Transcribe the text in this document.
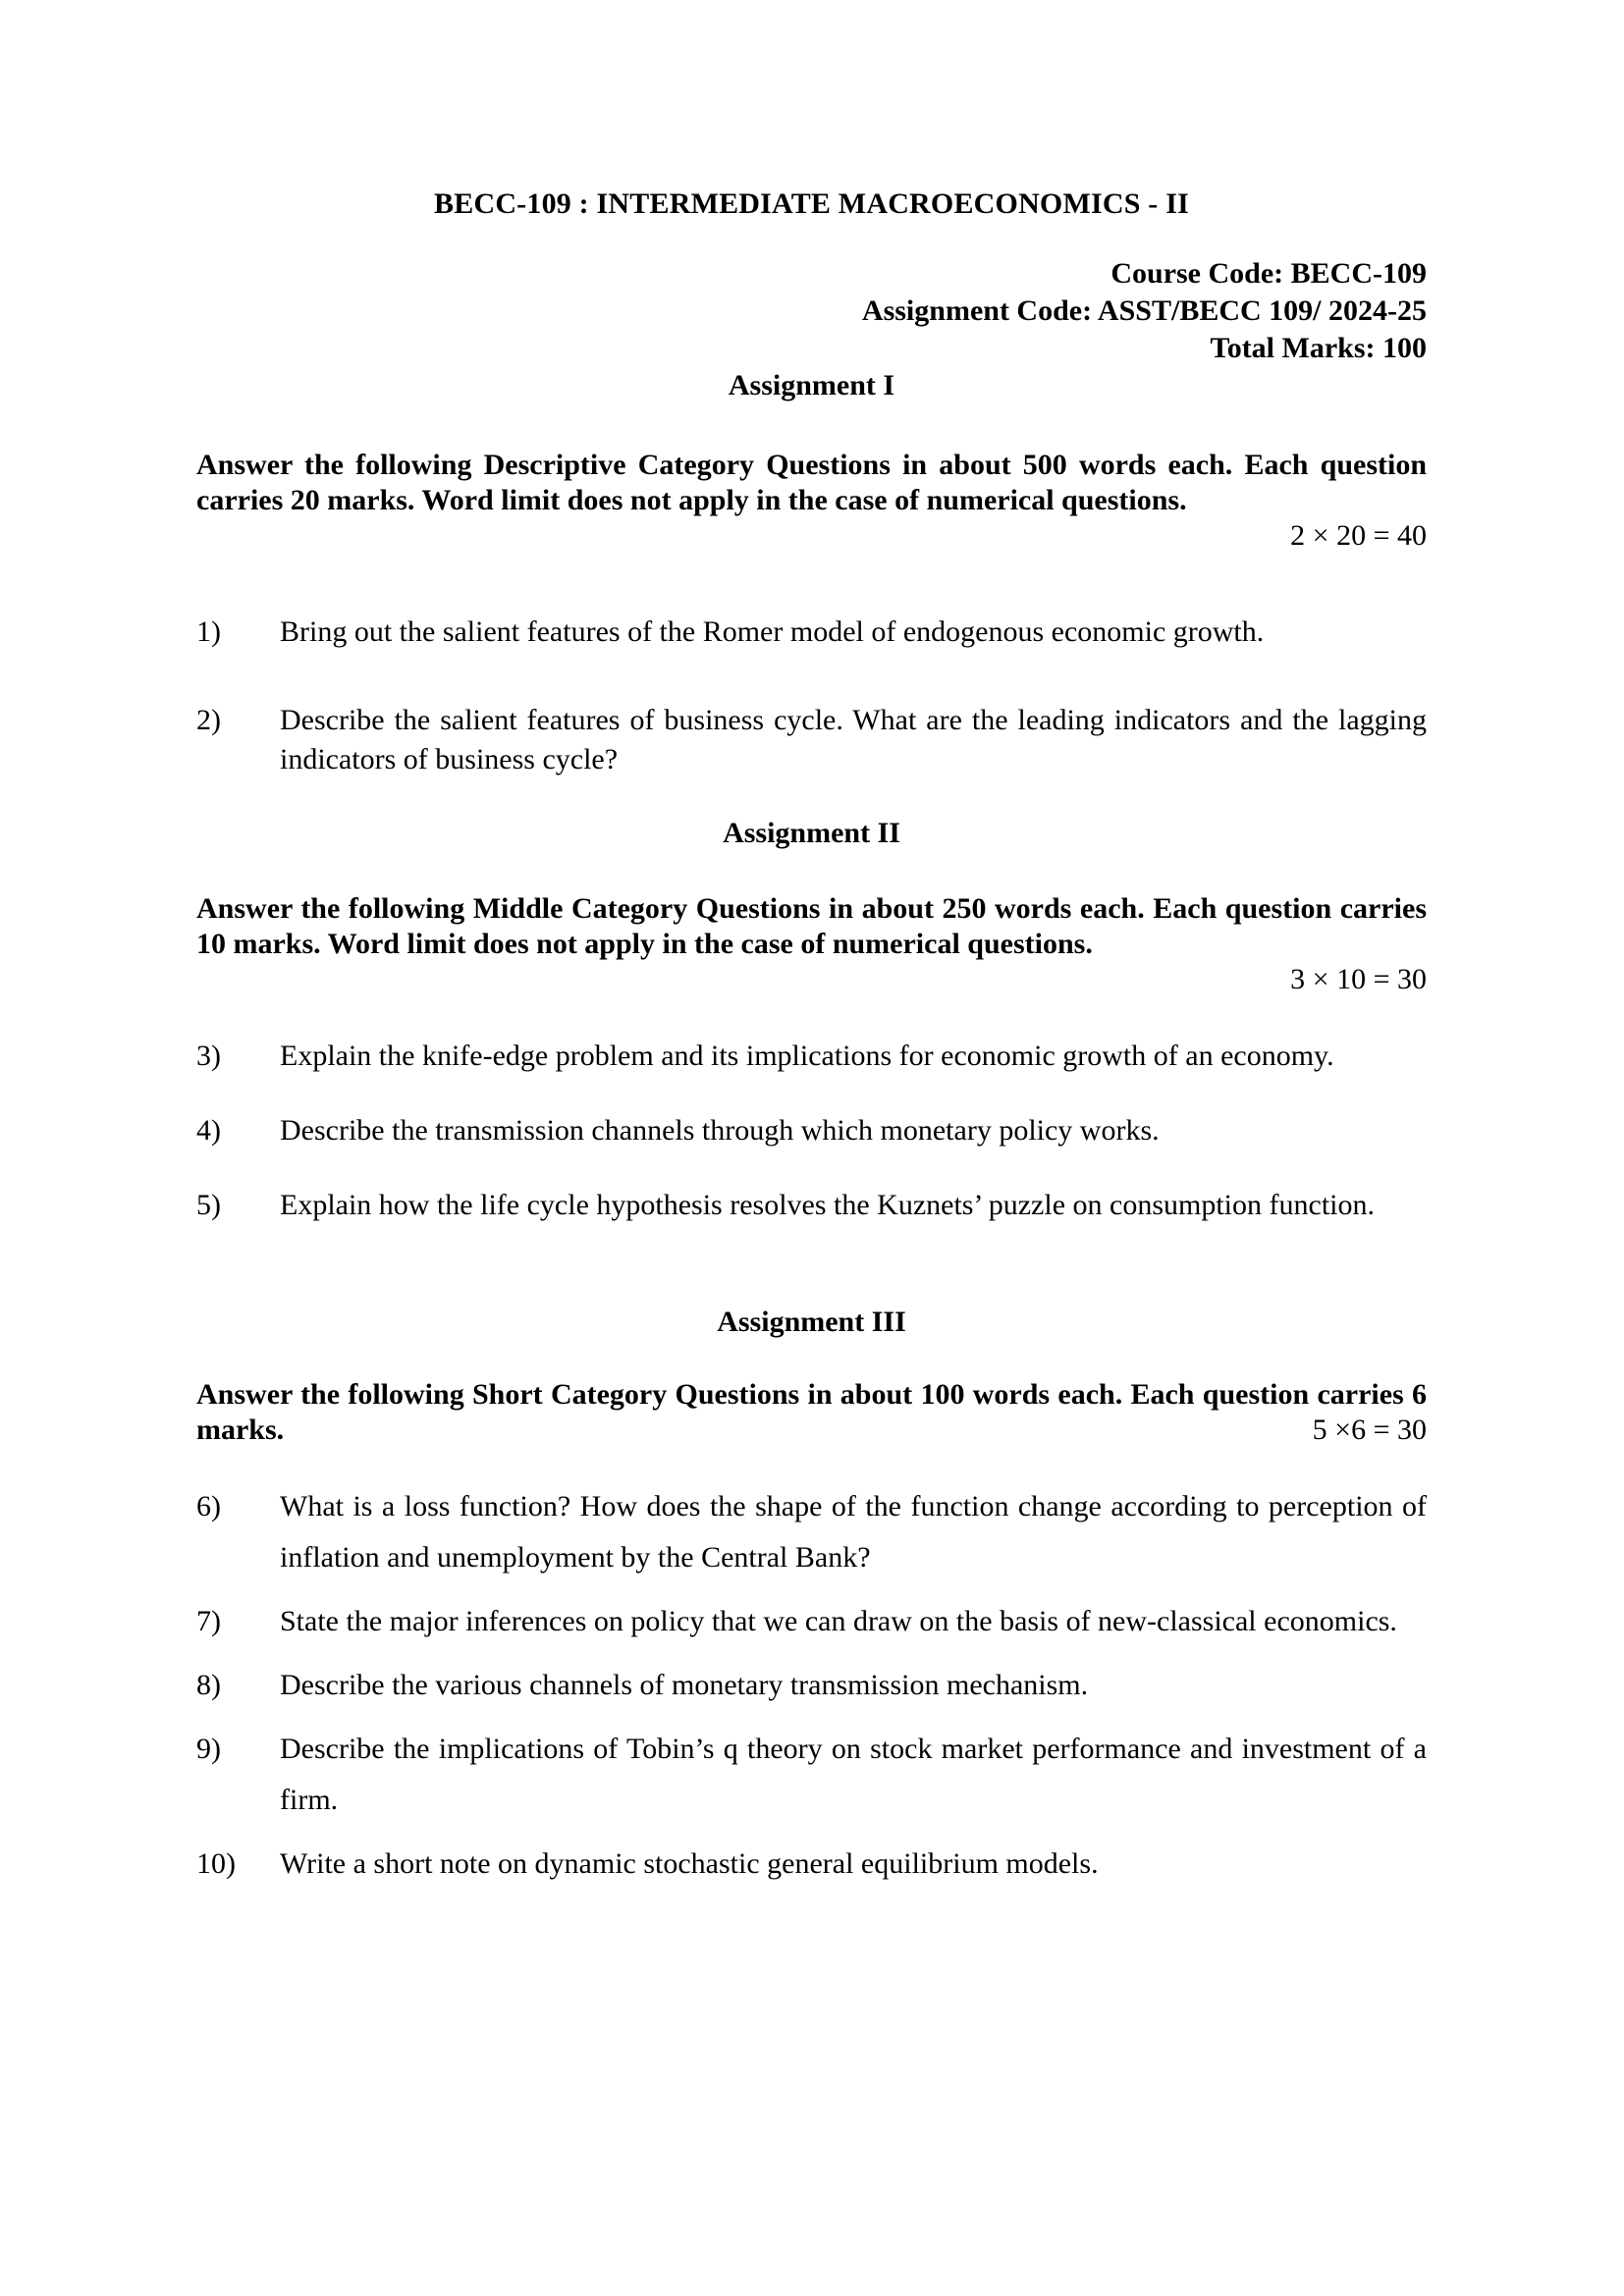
BECC-109 : INTERMEDIATE MACROECONOMICS - II
Course Code: BECC-109
Assignment Code: ASST/BECC 109/ 2024-25
Total Marks: 100
Assignment I

Answer the following Descriptive Category Questions in about 500 words each. Each question carries 20 marks. Word limit does not apply in the case of numerical questions.

2 × 20 = 40
1)	Bring out the salient features of the Romer model of endogenous economic growth.
2)	Describe the salient features of business cycle. What are the leading indicators and the lagging indicators of business cycle?
Assignment II

Answer the following Middle Category Questions in about 250 words each. Each question carries 10 marks. Word limit does not apply in the case of numerical questions.

3 × 10 = 30
3)	Explain the knife-edge problem and its implications for economic growth of an economy.
4)	Describe the transmission channels through which monetary policy works.
5)	Explain how the life cycle hypothesis resolves the Kuznets’ puzzle on consumption function.
Assignment III

Answer the following Short Category Questions in about 100 words each. Each question carries 6 marks.	5 ×6 = 30
6)	What is a loss function? How does the shape of the function change according to perception of inflation and unemployment by the Central Bank?
7)	State the major inferences on policy that we can draw on the basis of new-classical economics.
8)	Describe the various channels of monetary transmission mechanism.
9)	Describe the implications of Tobin’s q theory on stock market performance and investment of a firm.
10)	Write a short note on dynamic stochastic general equilibrium models.
